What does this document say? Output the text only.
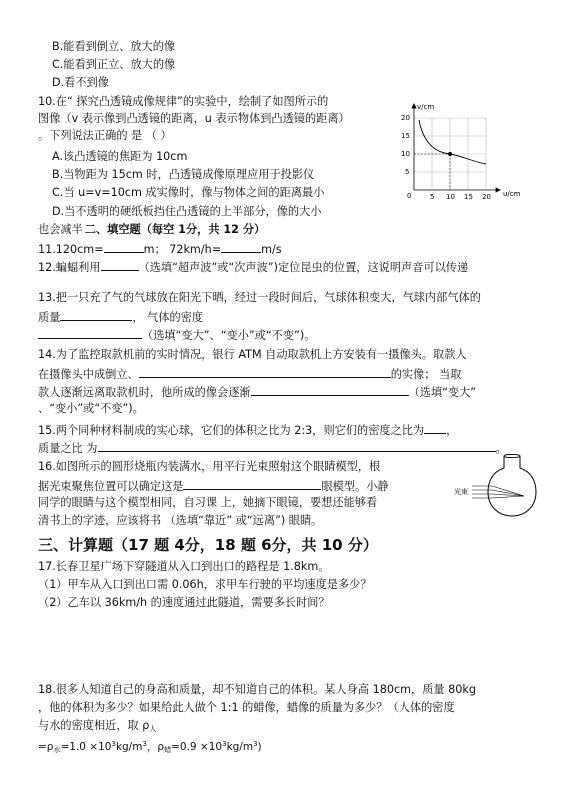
B.能看到倒立、放大的像
C.能看到正立、放大的像
D.看不到像
10.在“ 探究凸透镜成像规律”的实验中，绘制了如图所示的
图像（v 表示像到凸透镜的距离，u 表示物体到凸透镜的距离）
。下列说法正确的 是 （ ）
A.该凸透镜的焦距为 10cm
B.当物距为 15cm 时，凸透镜成像原理应用于投影仪
C.当 u=v=10cm 成实像时，像与物体之间的距离最小
D.当不透明的硬纸板挡住凸透镜的上半部分，像的大小
v/cm
u/cm
20
15
10
5
0	5 10 15 20
也会减半 二、填空题（每空 1分，共 12 分）
11.120cm=	m； 72km/h=	m/s
12.蝙蝠利用	（选填“超声波”或“次声波”)定位昆虫的位置，这说明声音可以传递
13.把一只充了气的气球放在阳光下晒，经过一段时间后，气球体积变大，气球内部气体的
质量	， 气体的密度
（选填“变大”、“变小”或“不变”)。
14.为了监控取款机前的实时情况，银行 ATM 自动取款机上方安装有一摄像头。取款人
在摄像头中成倒立、	的实像； 当取
款人逐渐远离取款机时，他所成的像会逐渐	（选填“变大”
、“变小”或“不变”)。
15.两个同种材料制成的实心球，它们的体积之比为 2:3，则它们的密度之比为 ，
质量之比 为	。
16.如图所示的圆形烧瓶内装满水，用平行光束照射这个眼睛模型，根
据光束聚焦位置可以确定这是	眼模型。小静
同学的眼睛与这个模型相同，自习课 上，她摘下眼镜，要想还能够看
清书上的字迹，应该将书 （选填“靠近” 或“远离”) 眼睛。
光束
三、计算题（17 题 4分，18 题 6分，共 10 分）
17.长春卫星广场下穿隧道从入口到出口的路程是 1.8km。
（1）甲车从入口到出口需 0.06h，求甲车行驶的平均速度是多少？
（2）乙车以 36km/h 的速度通过此隧道，需要多长时间？
18.很多人知道自己的身高和质量，却不知道自己的体积。某人身高 180cm，质量 80kg
，他的体积为多少？如果给此人做个 1:1 的蜡像，蜡像的质量为多少？（人体的密度
与水的密度相近，取 $\rho_人$
$=\rho_水=1.0 \times 10^3kg/m^3$，$\rho_蜡=0.9 \times 10^3kg/m^3$)
